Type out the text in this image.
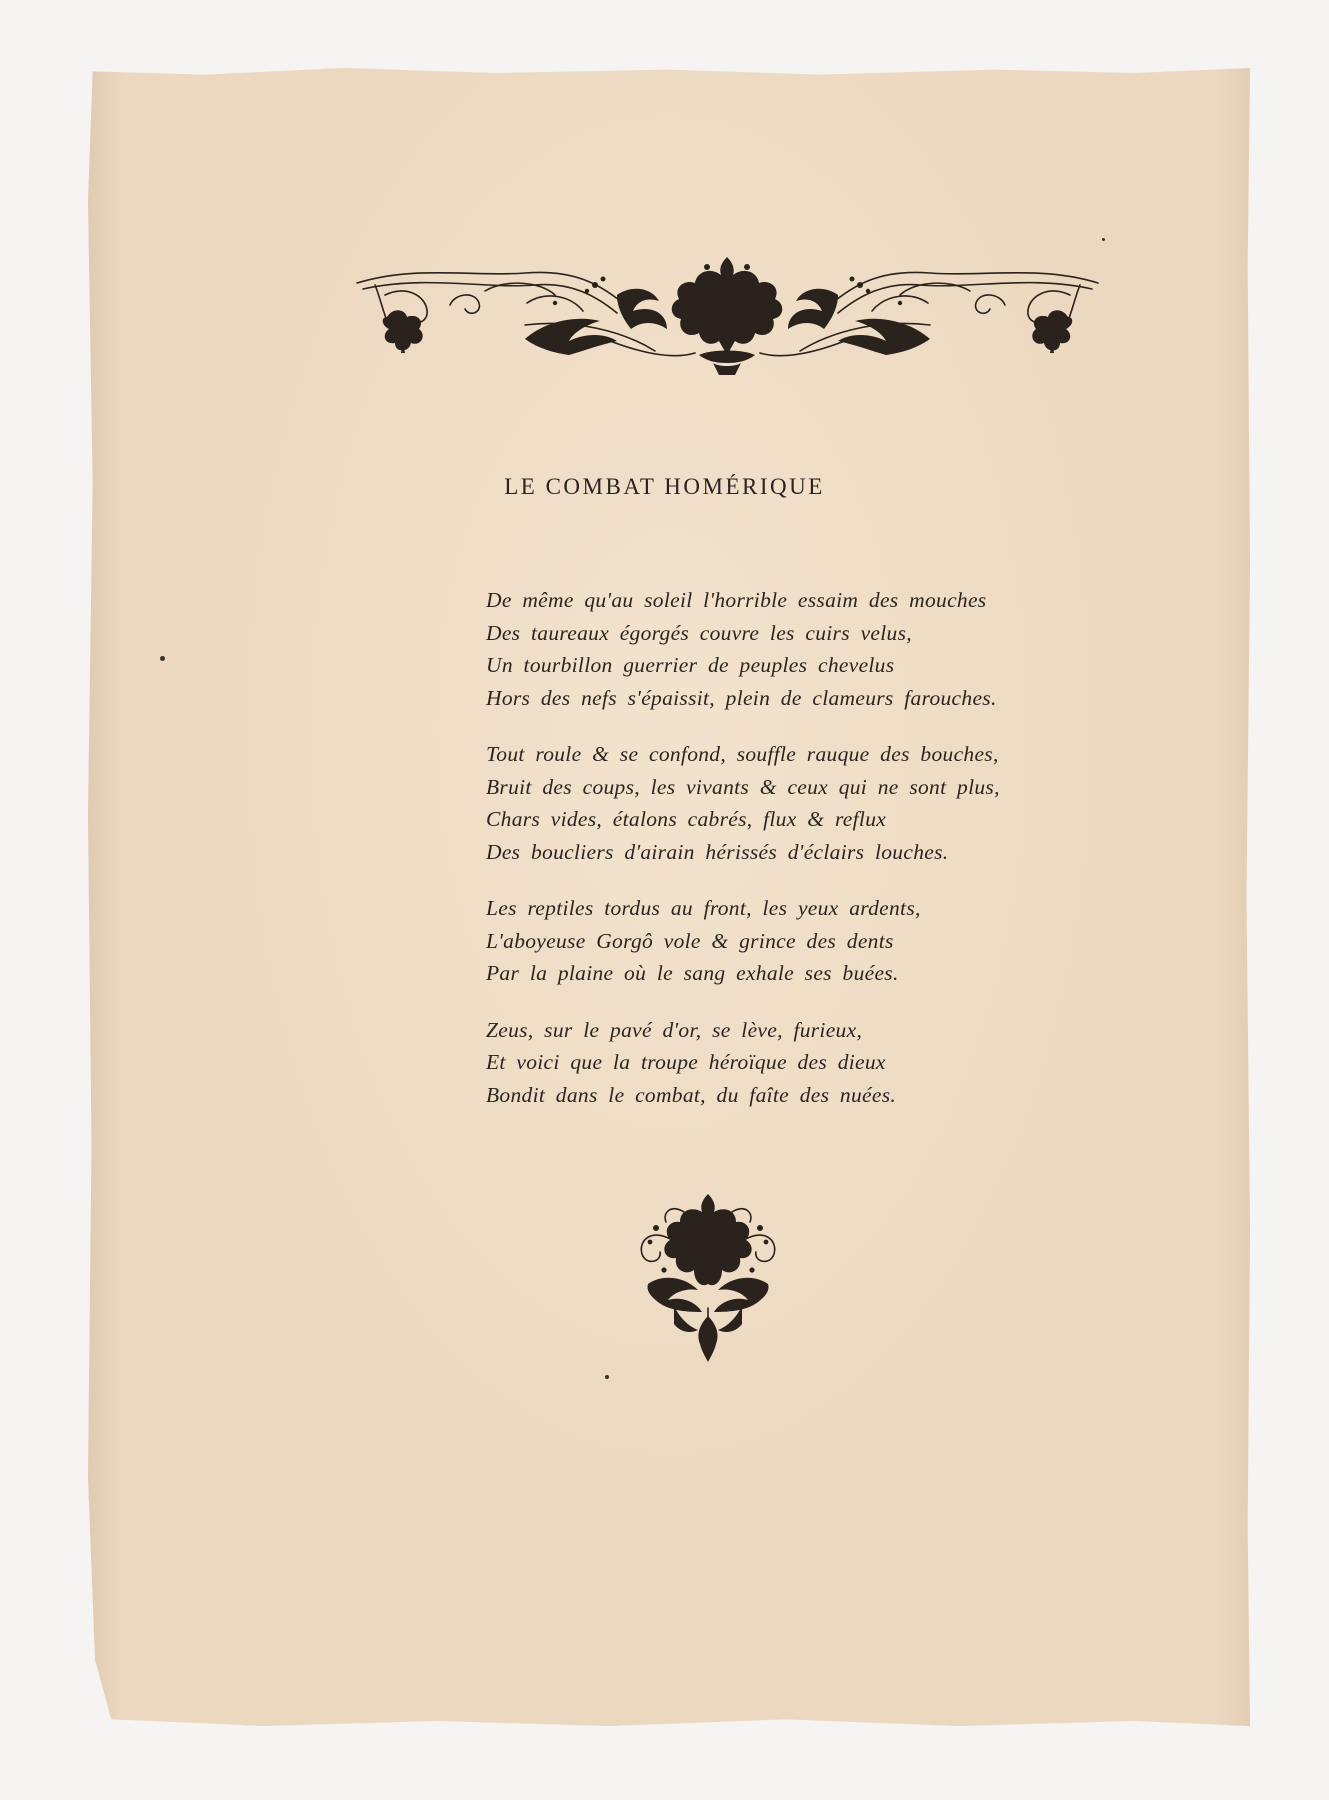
LE COMBAT HOMÉRIQUE
De même qu'au soleil l'horrible essaim des mouches
Des taureaux égorgés couvre les cuirs velus,
Un tourbillon guerrier de peuples chevelus
Hors des nefs s'épaissit, plein de clameurs farouches.
Tout roule & se confond, souffle rauque des bouches,
Bruit des coups, les vivants & ceux qui ne sont plus,
Chars vides, étalons cabrés, flux & reflux
Des boucliers d'airain hérissés d'éclairs louches.
Les reptiles tordus au front, les yeux ardents,
L'aboyeuse Gorgô vole & grince des dents
Par la plaine où le sang exhale ses buées.
Zeus, sur le pavé d'or, se lève, furieux,
Et voici que la troupe héroïque des dieux
Bondit dans le combat, du faîte des nuées.
